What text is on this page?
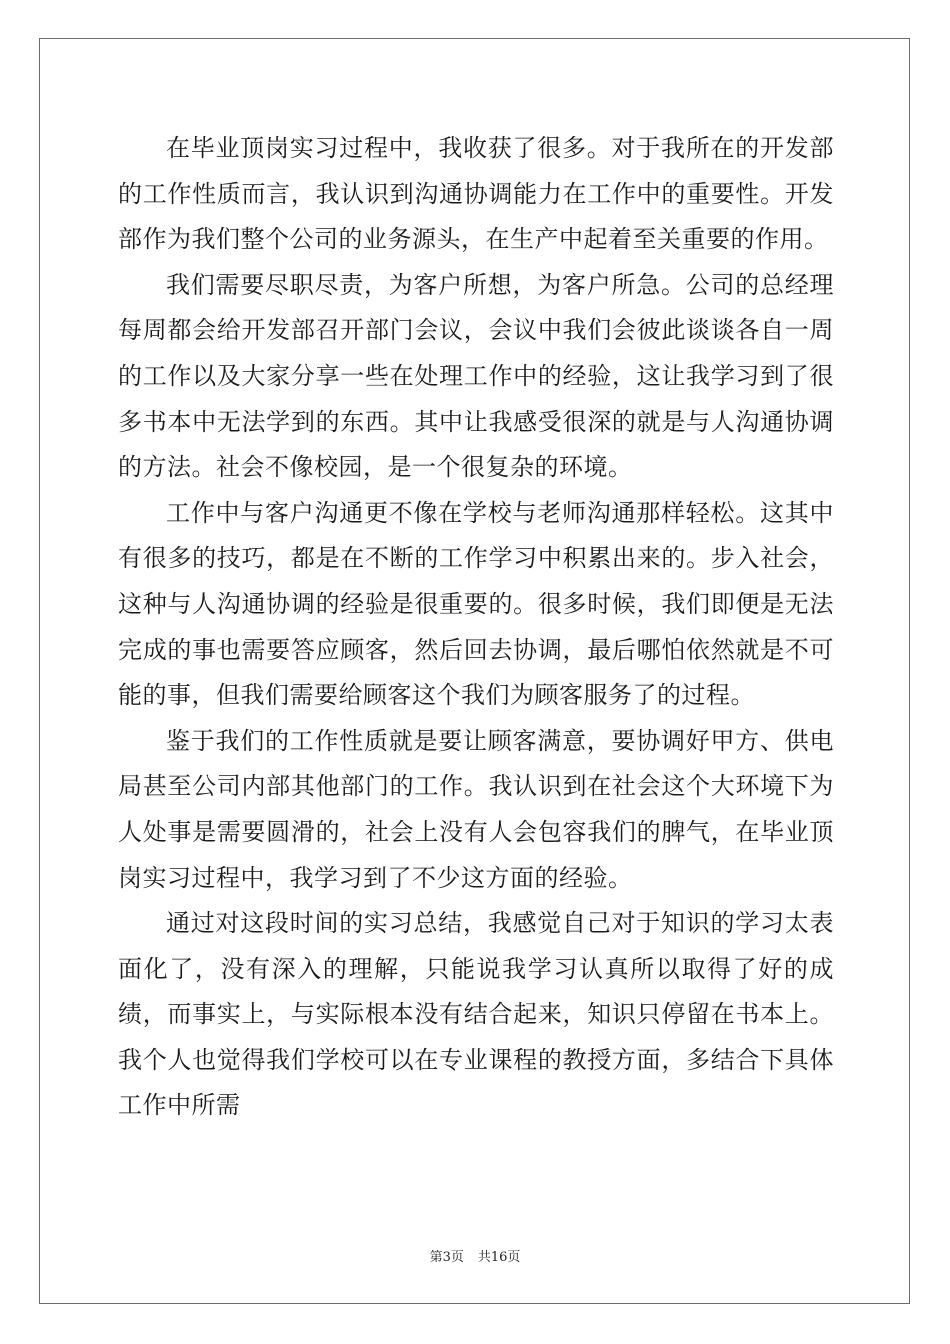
在毕业顶岗实习过程中，我收获了很多。对于我所在的开发部的工作性质而言，我认识到沟通协调能力在工作中的重要性。开发部作为我们整个公司的业务源头，在生产中起着至关重要的作用。

我们需要尽职尽责，为客户所想，为客户所急。公司的总经理每周都会给开发部召开部门会议，会议中我们会彼此谈谈各自一周的工作以及大家分享一些在处理工作中的经验，这让我学习到了很多书本中无法学到的东西。其中让我感受很深的就是与人沟通协调的方法。社会不像校园，是一个很复杂的环境。

工作中与客户沟通更不像在学校与老师沟通那样轻松。这其中有很多的技巧，都是在不断的工作学习中积累出来的。步入社会，这种与人沟通协调的经验是很重要的。很多时候，我们即便是无法完成的事也需要答应顾客，然后回去协调，最后哪怕依然就是不可能的事，但我们需要给顾客这个我们为顾客服务了的过程。

鉴于我们的工作性质就是要让顾客满意，要协调好甲方、供电局甚至公司内部其他部门的工作。我认识到在社会这个大环境下为人处事是需要圆滑的，社会上没有人会包容我们的脾气，在毕业顶岗实习过程中，我学习到了不少这方面的经验。

通过对这段时间的实习总结，我感觉自己对于知识的学习太表面化了，没有深入的理解，只能说我学习认真所以取得了好的成绩，而事实上，与实际根本没有结合起来，知识只停留在书本上。我个人也觉得我们学校可以在专业课程的教授方面，多结合下具体工作中所需

第3页 共16页
